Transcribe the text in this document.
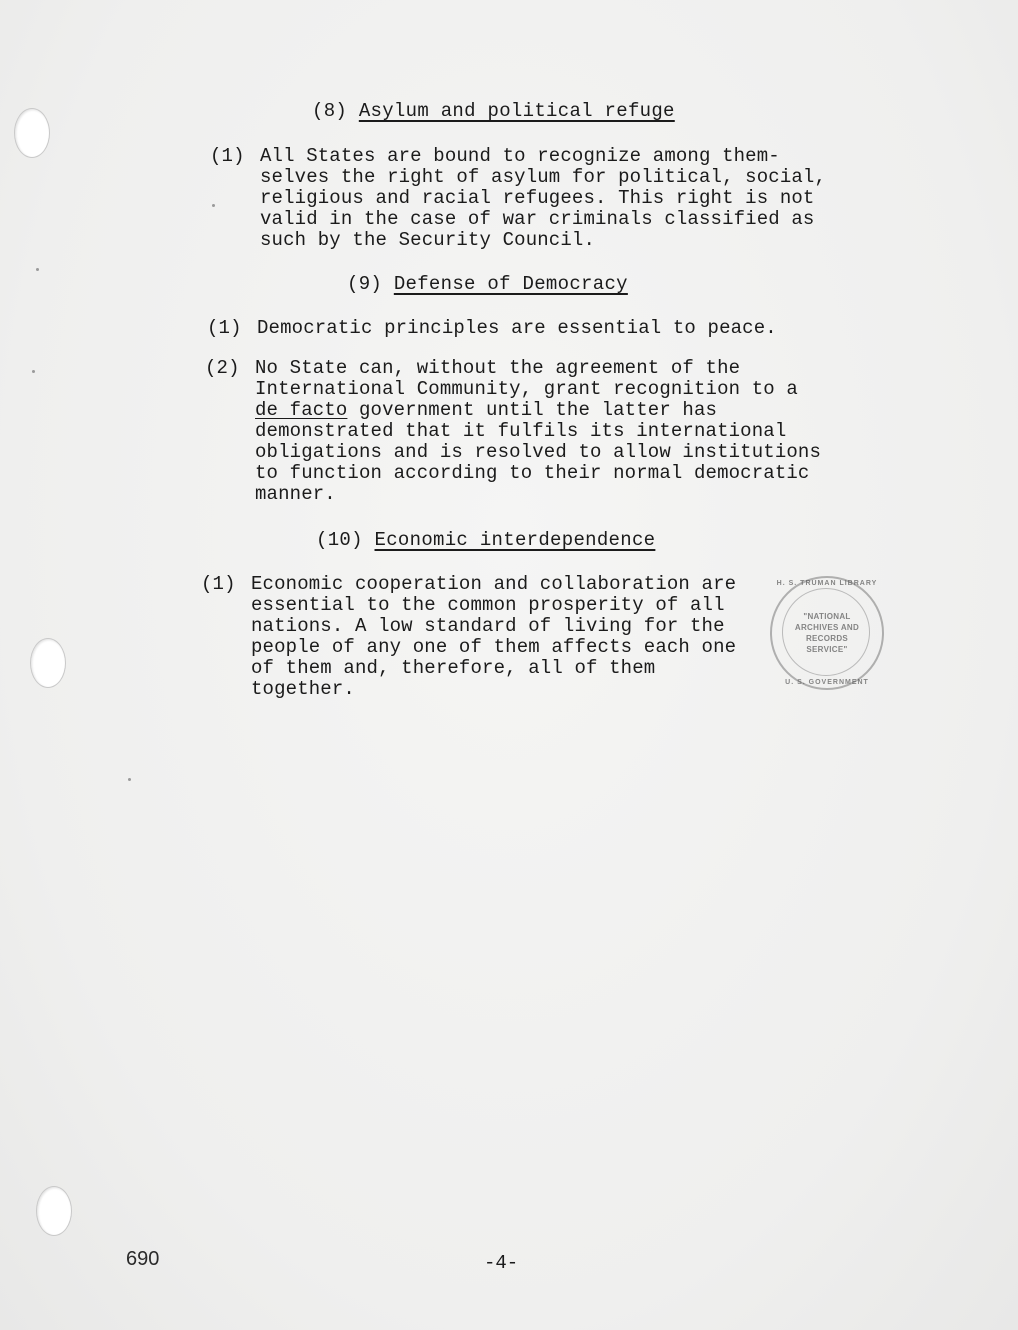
(8) Asylum and political refuge
(1) All States are bound to recognize among them-
selves the right of asylum for political, social,
religious and racial refugees. This right is not
valid in the case of war criminals classified as
such by the Security Council.
(9) Defense of Democracy
(1) Democratic principles are essential to peace.
(2) No State can, without the agreement of the
International Community, grant recognition to a
de facto government until the latter has
demonstrated that it fulfils its international
obligations and is resolved to allow institutions
to function according to their normal democratic
manner.
(10) Economic interdependence
(1) Economic cooperation and collaboration are
essential to the common prosperity of all
nations. A low standard of living for the
people of any one of them affects each one
of them and, therefore, all of them
together.
H. S. TRUMAN LIBRARY
"NATIONAL
ARCHIVES AND
RECORDS
SERVICE"
U. S. GOVERNMENT
690	-4-
